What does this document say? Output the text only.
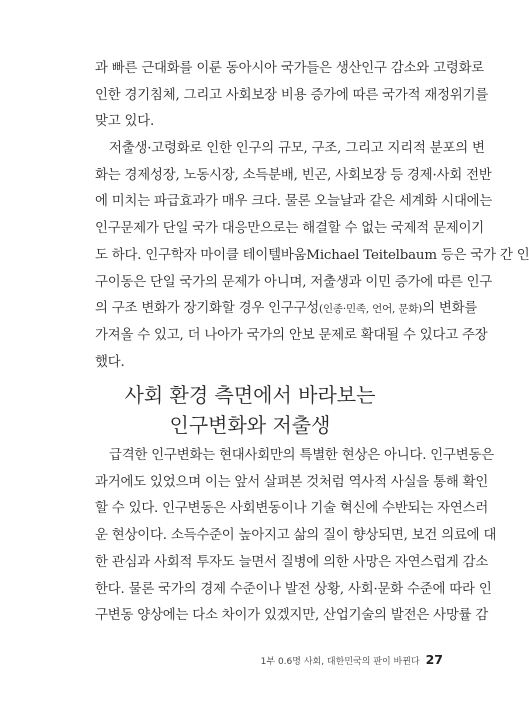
과 빠른 근대화를 이룬 동아시아 국가들은 생산인구 감소와 고령화로
인한 경기침체, 그리고 사회보장 비용 증가에 따른 국가적 재정위기를
맞고 있다.
저출생·고령화로 인한 인구의 규모, 구조, 그리고 지리적 분포의 변
화는 경제성장, 노동시장, 소득분배, 빈곤, 사회보장 등 경제·사회 전반
에 미치는 파급효과가 매우 크다. 물론 오늘날과 같은 세계화 시대에는
인구문제가 단일 국가 대응만으로는 해결할 수 없는 국제적 문제이기
도 하다. 인구학자 마이클 테이텔바움Michael Teitelbaum 등은 국가 간 인
구이동은 단일 국가의 문제가 아니며, 저출생과 이민 증가에 따른 인구
의 구조 변화가 장기화할 경우 인구구성(인종·민족, 언어, 문화)의 변화를
가져올 수 있고, 더 나아가 국가의 안보 문제로 확대될 수 있다고 주장
했다.
사회 환경 측면에서 바라보는
인구변화와 저출생
급격한 인구변화는 현대사회만의 특별한 현상은 아니다. 인구변동은
과거에도 있었으며 이는 앞서 살펴본 것처럼 역사적 사실을 통해 확인
할 수 있다. 인구변동은 사회변동이나 기술 혁신에 수반되는 자연스러
운 현상이다. 소득수준이 높아지고 삶의 질이 향상되면, 보건 의료에 대
한 관심과 사회적 투자도 늘면서 질병에 의한 사망은 자연스럽게 감소
한다. 물론 국가의 경제 수준이나 발전 상황, 사회·문화 수준에 따라 인
구변동 양상에는 다소 차이가 있겠지만, 산업기술의 발전은 사망률 감
1부 0.6명 사회, 대한민국의 판이 바뀐다 27
